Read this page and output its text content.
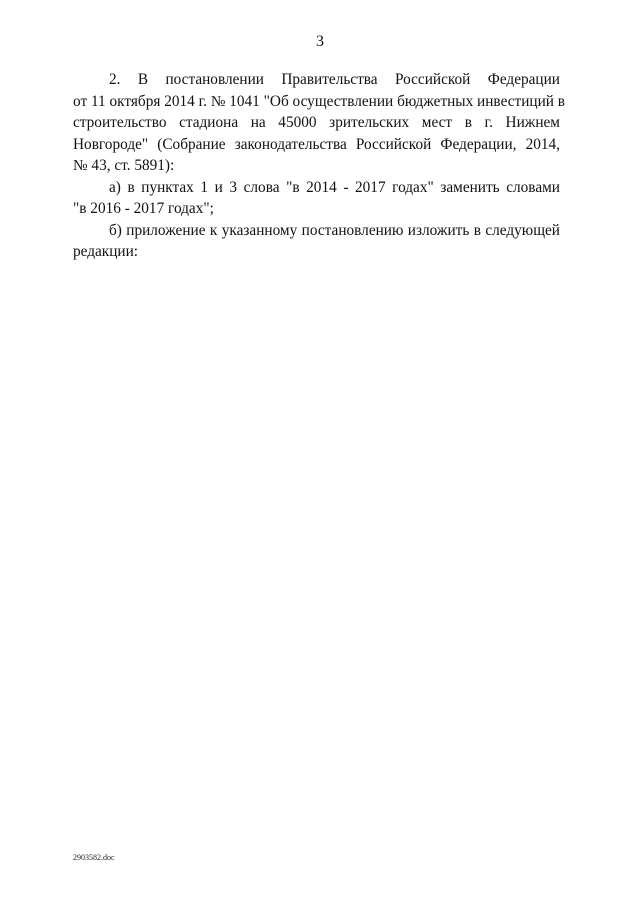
3
2. В постановлении Правительства Российской Федерации
от 11 октября 2014 г. № 1041 "Об осуществлении бюджетных инвестиций в
строительство стадиона на 45000 зрительских мест в г. Нижнем
Новгороде" (Собрание законодательства Российской Федерации, 2014,
№ 43, ст. 5891):
а) в пунктах 1 и 3 слова "в 2014 - 2017 годах" заменить словами
"в 2016 - 2017 годах";
б) приложение к указанному постановлению изложить в следующей
редакции:
2903582.doc
